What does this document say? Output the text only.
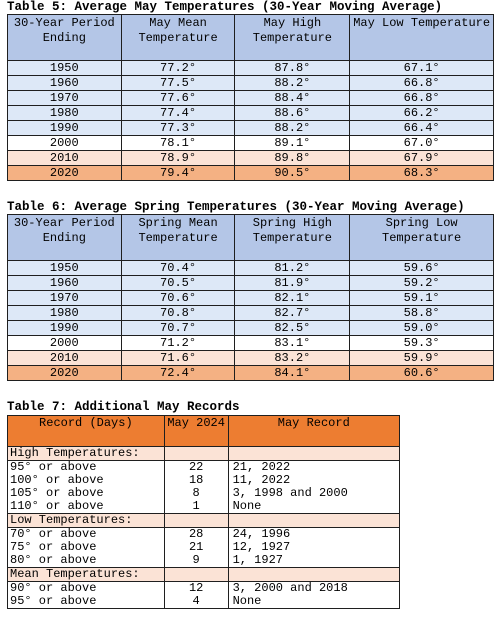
Table 5: Average May Temperatures (30-Year Moving Average)
30-Year Period Ending	May Mean Temperature	May High Temperature	May Low Temperature
1950	77.2°	87.8°	67.1°
1960	77.5°	88.2°	66.8°
1970	77.6°	88.4°	66.8°
1980	77.4°	88.6°	66.2°
1990	77.3°	88.2°	66.4°
2000	78.1°	89.1°	67.0°
2010	78.9°	89.8°	67.9°
2020	79.4°	90.5°	68.3°
Table 6: Average Spring Temperatures (30-Year Moving Average)
30-Year Period Ending	Spring Mean Temperature	Spring High Temperature	Spring Low Temperature
1950	70.4°	81.2°	59.6°
1960	70.5°	81.9°	59.2°
1970	70.6°	82.1°	59.1°
1980	70.8°	82.7°	58.8°
1990	70.7°	82.5°	59.0°
2000	71.2°	83.1°	59.3°
2010	71.6°	83.2°	59.9°
2020	72.4°	84.1°	60.6°
Table 7: Additional May Records
Record (Days)	May 2024	May Record
High Temperatures:		
95° or above	22	21, 2022
100° or above	18	11, 2022
105° or above	8	3, 1998 and 2000
110° or above	1	None
Low Temperatures:		
70° or above	28	24, 1996
75° or above	21	12, 1927
80° or above	9	1, 1927
Mean Temperatures:		
90° or above	12	3, 2000 and 2018
95° or above	4	None
